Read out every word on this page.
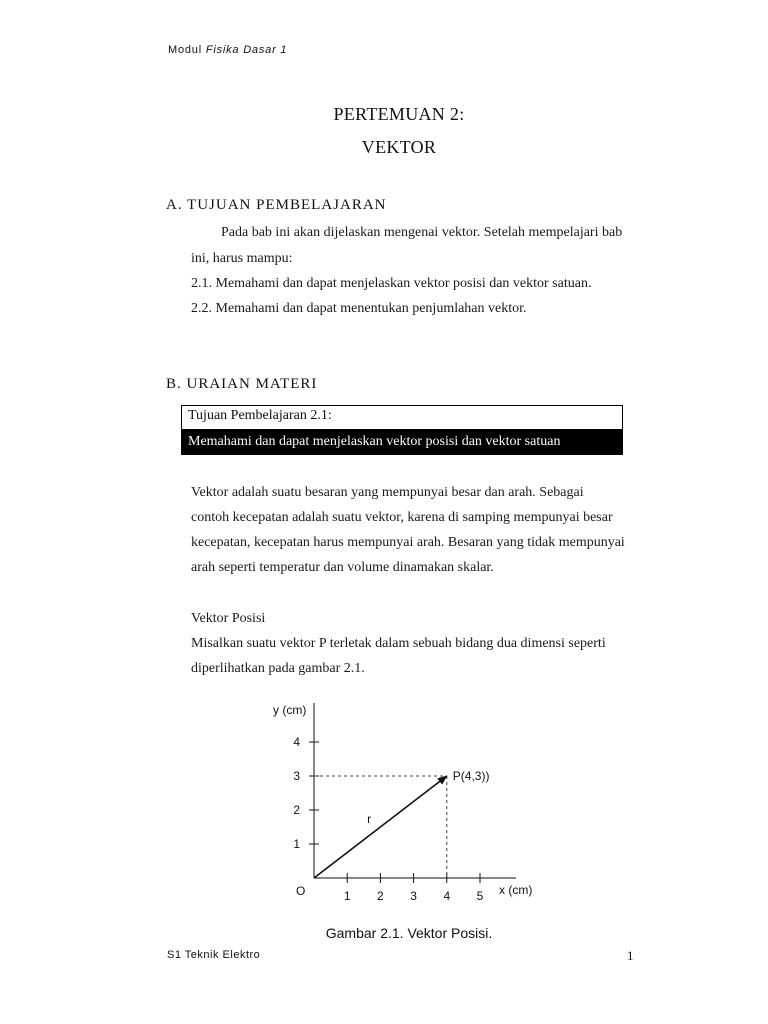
Modul Fisika Dasar 1
PERTEMUAN 2:
VEKTOR
A. TUJUAN PEMBELAJARAN
Pada bab ini akan dijelaskan mengenai vektor. Setelah mempelajari bab
ini, harus mampu:
2.1. Memahami dan dapat menjelaskan vektor posisi dan vektor satuan.
2.2. Memahami dan dapat menentukan penjumlahan vektor.
B. URAIAN MATERI
Tujuan Pembelajaran 2.1:
Memahami dan dapat menjelaskan vektor posisi dan vektor satuan
Vektor adalah suatu besaran yang mempunyai besar dan arah. Sebagai
contoh kecepatan adalah suatu vektor, karena di samping mempunyai besar
kecepatan, kecepatan harus mempunyai arah. Besaran yang tidak mempunyai
arah seperti temperatur dan volume dinamakan skalar.
Vektor Posisi
Misalkan suatu vektor P terletak dalam sebuah bidang dua dimensi seperti
diperlihatkan pada gambar 2.1.
1 2 3 4 5
1
2
3
4
x (cm)
y (cm)
O
r
P(4,3))
Gambar 2.1. Vektor Posisi.
S1 Teknik Elektro	1
